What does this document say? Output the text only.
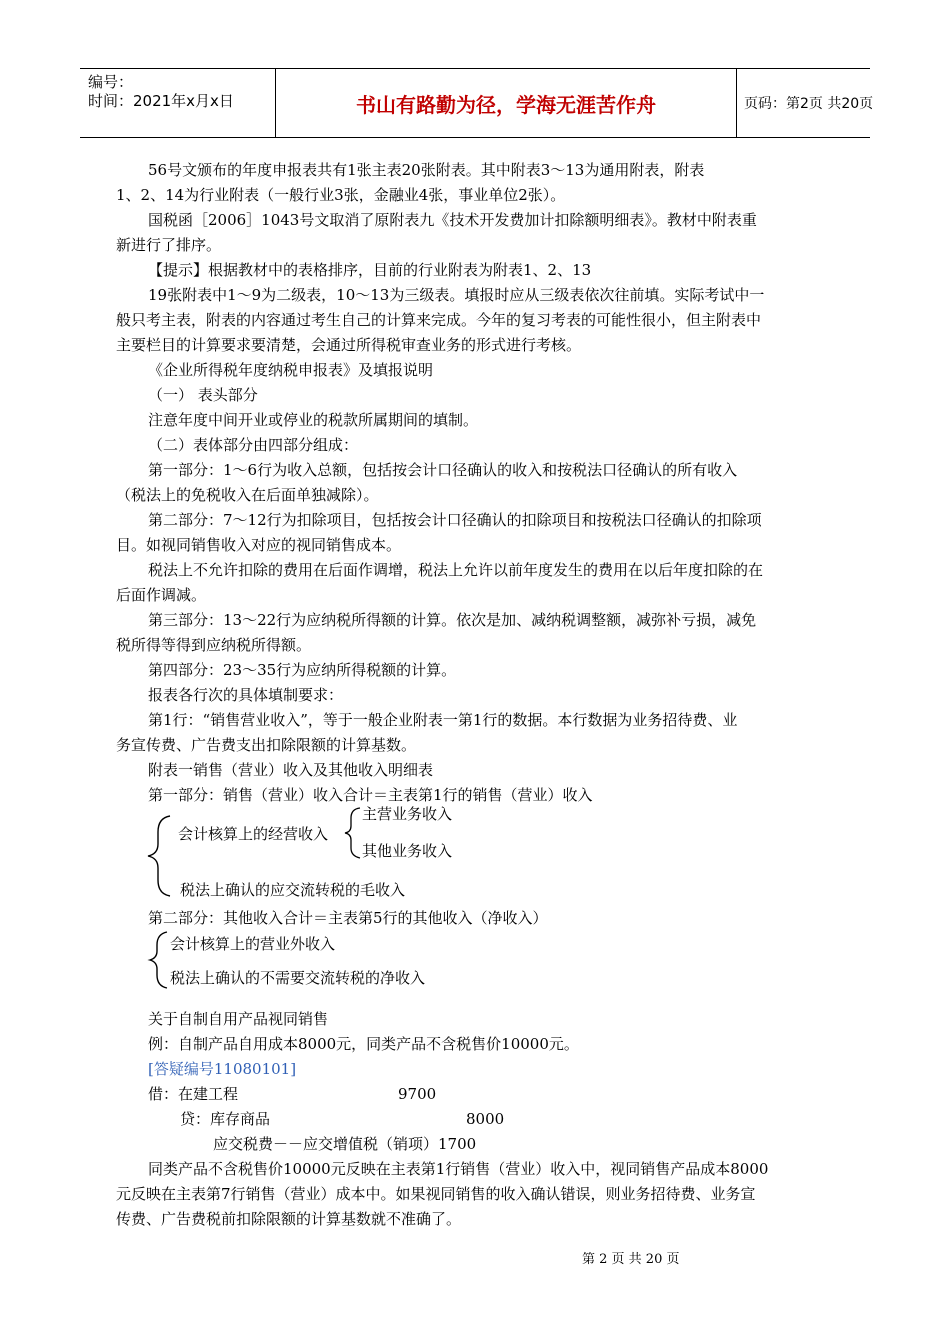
编号：
时间：2021年x月x日	书山有路勤为径，学海无涯苦作舟	页码：第2页 共20页
56号文颁布的年度申报表共有1张主表20张附表。其中附表3～13为通用附表，附表
1、2、14为行业附表（一般行业3张，金融业4张，事业单位2张）。
国税函［2006］1043号文取消了原附表九《技术开发费加计扣除额明细表》。教材中附表重
新进行了排序。
【提示】根据教材中的表格排序，目前的行业附表为附表1、2、13
19张附表中1～9为二级表，10～13为三级表。填报时应从三级表依次往前填。实际考试中一
般只考主表，附表的内容通过考生自己的计算来完成。今年的复习考表的可能性很小，但主附表中
主要栏目的计算要求要清楚，会通过所得税审查业务的形式进行考核。
《企业所得税年度纳税申报表》及填报说明
（一） 表头部分
注意年度中间开业或停业的税款所属期间的填制。
（二）表体部分由四部分组成：
第一部分：1～6行为收入总额，包括按会计口径确认的收入和按税法口径确认的所有收入
（税法上的免税收入在后面单独减除）。
第二部分：7～12行为扣除项目，包括按会计口径确认的扣除项目和按税法口径确认的扣除项
目。如视同销售收入对应的视同销售成本。
税法上不允许扣除的费用在后面作调增，税法上允许以前年度发生的费用在以后年度扣除的在
后面作调减。
第三部分：13～22行为应纳税所得额的计算。依次是加、减纳税调整额，减弥补亏损，减免
税所得等得到应纳税所得额。
第四部分：23～35行为应纳所得税额的计算。
报表各行次的具体填制要求：
第1行：“销售营业收入”，等于一般企业附表一第1行的数据。本行数据为业务招待费、业
务宣传费、广告费支出扣除限额的计算基数。
附表一销售（营业）收入及其他收入明细表
第一部分：销售（营业）收入合计＝主表第1行的销售（营业）收入
会计核算上的经营收入
主营业务收入
其他业务收入
税法上确认的应交流转税的毛收入
第二部分：其他收入合计＝主表第5行的其他收入（净收入）
会计核算上的营业外收入
税法上确认的不需要交流转税的净收入
关于自制自用产品视同销售
例：自制产品自用成本8000元，同类产品不含税售价10000元。
[答疑编号11080101]
借：在建工程	9700
贷：库存商品	8000
应交税费－－应交增值税（销项）1700
同类产品不含税售价10000元反映在主表第1行销售（营业）收入中，视同销售产品成本8000
元反映在主表第7行销售（营业）成本中。如果视同销售的收入确认错误，则业务招待费、业务宣
传费、广告费税前扣除限额的计算基数就不准确了。
第 2 页 共 20 页
